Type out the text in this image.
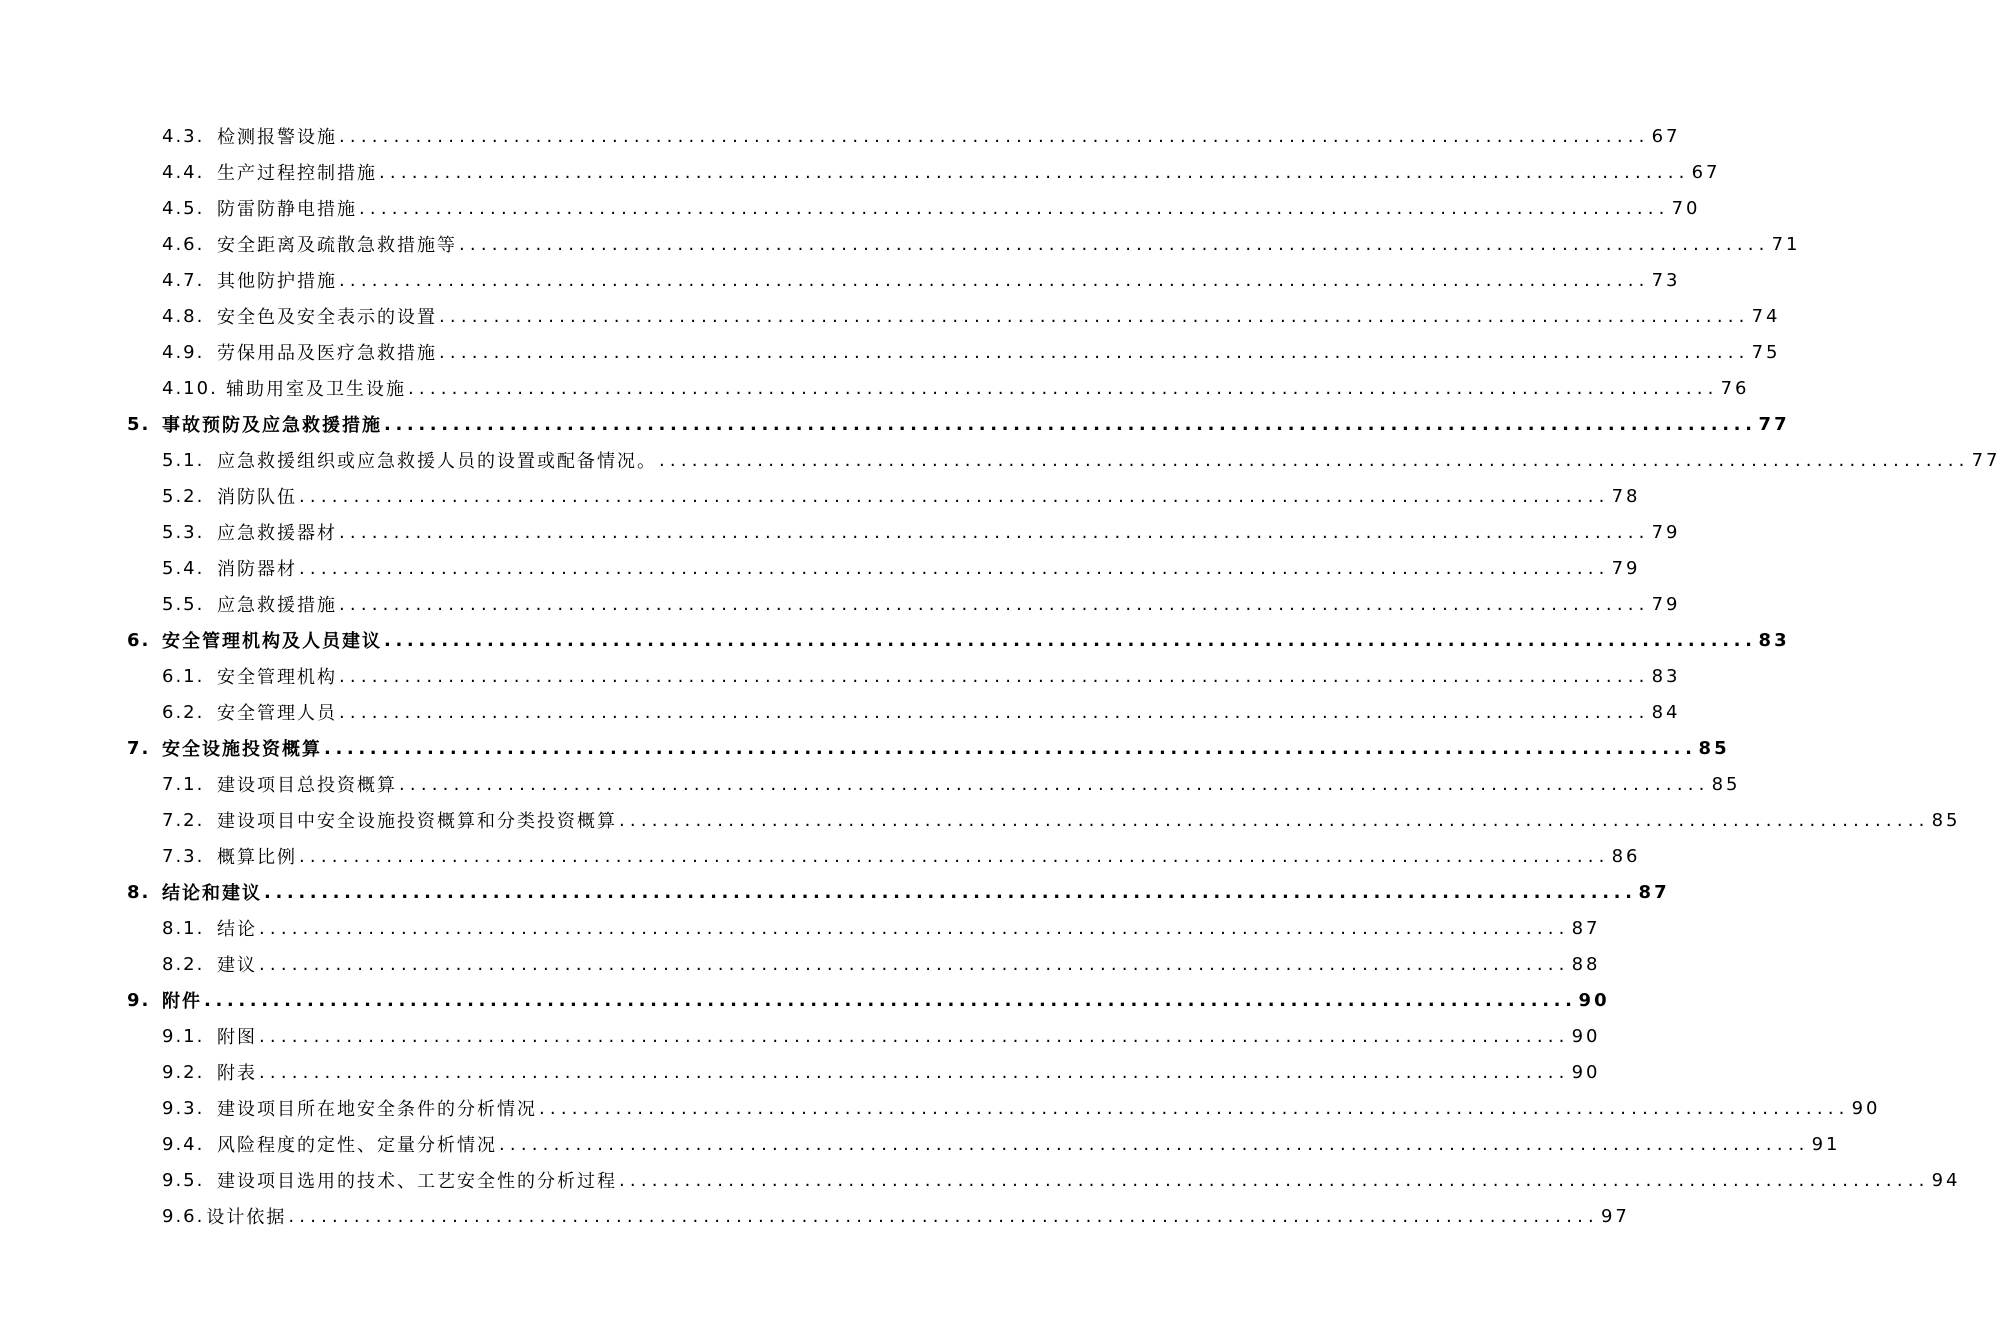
4.3. 检测报警设施 ........................................................................................................................ 67
4.4. 生产过程控制措施 ........................................................................................................................ 67
4.5. 防雷防静电措施 ........................................................................................................................ 70
4.6. 安全距离及疏散急救措施等 ........................................................................................................................ 71
4.7. 其他防护措施 ........................................................................................................................ 73
4.8. 安全色及安全表示的设置 ........................................................................................................................ 74
4.9. 劳保用品及医疗急救措施 ........................................................................................................................ 75
4.10. 辅助用室及卫生设施 ........................................................................................................................ 76
5. 事故预防及应急救援措施 ........................................................................................................................ 77
5.1. 应急救援组织或应急救援人员的设置或配备情况。 ........................................................................................................................ 77
5.2. 消防队伍 ........................................................................................................................ 78
5.3. 应急救援器材 ........................................................................................................................ 79
5.4. 消防器材 ........................................................................................................................ 79
5.5. 应急救援措施 ........................................................................................................................ 79
6. 安全管理机构及人员建议 ........................................................................................................................ 83
6.1. 安全管理机构 ........................................................................................................................ 83
6.2. 安全管理人员 ........................................................................................................................ 84
7. 安全设施投资概算 ........................................................................................................................ 85
7.1. 建设项目总投资概算 ........................................................................................................................ 85
7.2. 建设项目中安全设施投资概算和分类投资概算 ........................................................................................................................ 85
7.3. 概算比例 ........................................................................................................................ 86
8. 结论和建议 ........................................................................................................................ 87
8.1. 结论 ........................................................................................................................ 87
8.2. 建议 ........................................................................................................................ 88
9. 附件 ........................................................................................................................ 90
9.1. 附图 ........................................................................................................................ 90
9.2. 附表 ........................................................................................................................ 90
9.3. 建设项目所在地安全条件的分析情况 ........................................................................................................................ 90
9.4. 风险程度的定性、定量分析情况 ........................................................................................................................ 91
9.5. 建设项目选用的技术、工艺安全性的分析过程 ........................................................................................................................ 94
9.6. 设计依据 ........................................................................................................................ 97
